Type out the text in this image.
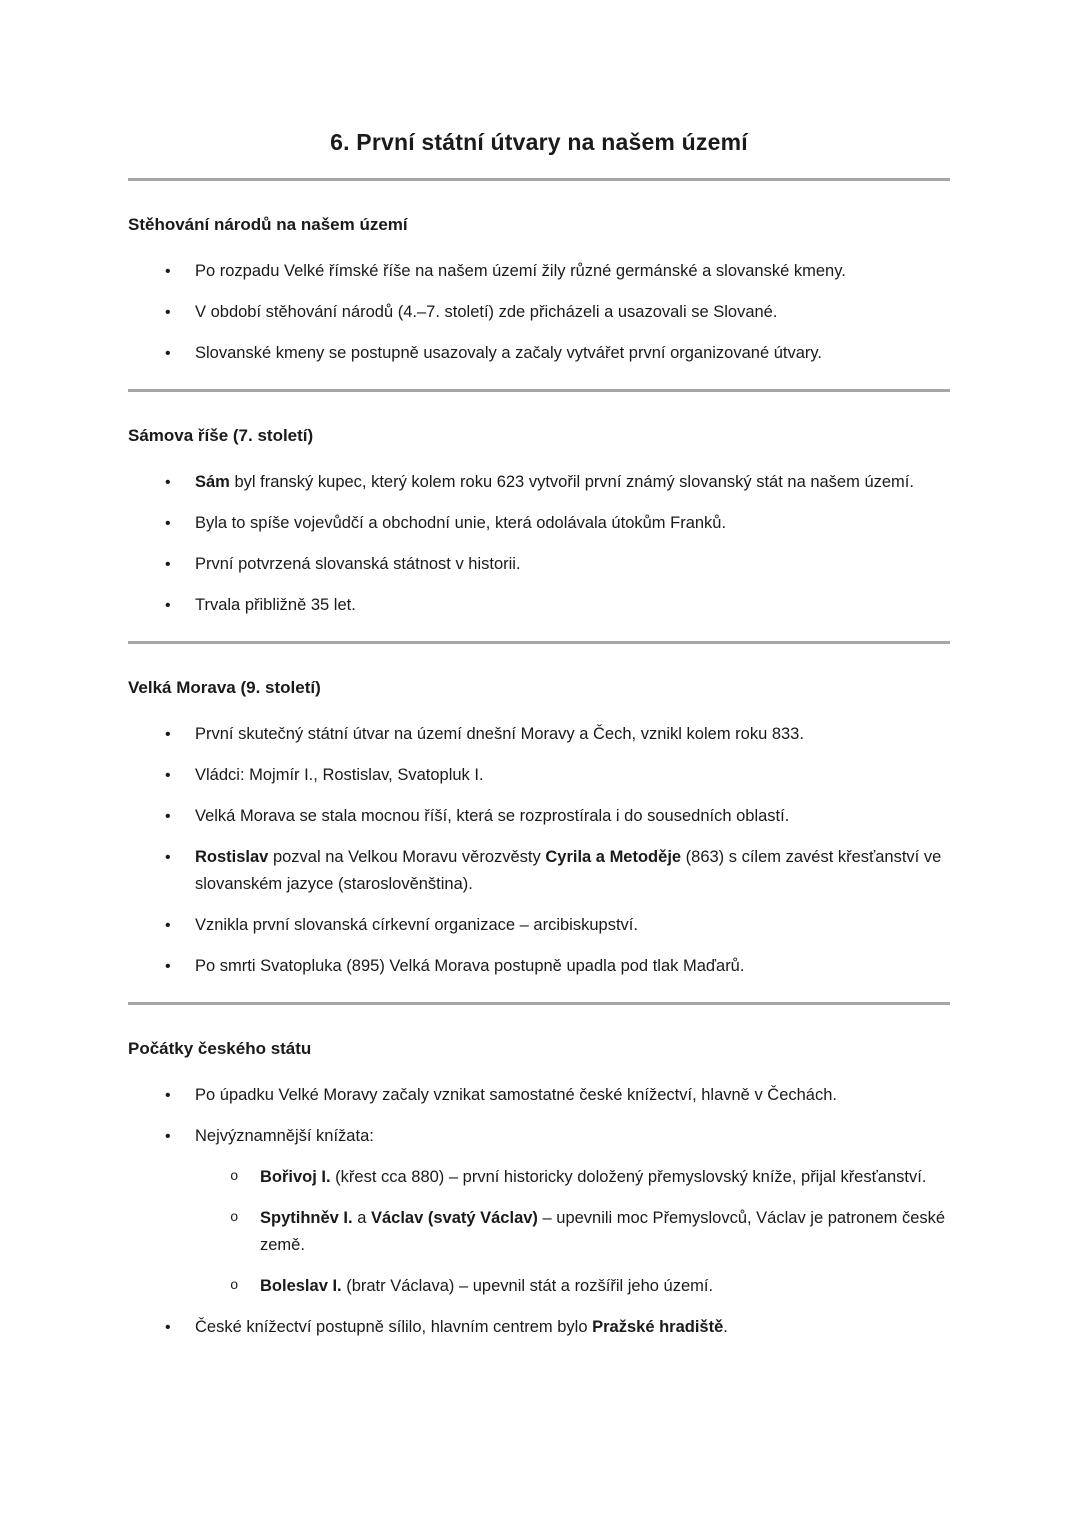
6. První státní útvary na našem území
Stěhování národů na našem území
•	Po rozpadu Velké římské říše na našem území žily různé germánské a slovanské kmeny.
•	V období stěhování národů (4.–7. století) zde přicházeli a usazovali se Slované.
•	Slovanské kmeny se postupně usazovaly a začaly vytvářet první organizované útvary.
Sámova říše (7. století)
•	Sám byl franský kupec, který kolem roku 623 vytvořil první známý slovanský stát na našem území.
•	Byla to spíše vojevůdčí a obchodní unie, která odolávala útokům Franků.
•	První potvrzená slovanská státnost v historii.
•	Trvala přibližně 35 let.
Velká Morava (9. století)
•	První skutečný státní útvar na území dnešní Moravy a Čech, vznikl kolem roku 833.
•	Vládci: Mojmír I., Rostislav, Svatopluk I.
•	Velká Morava se stala mocnou říší, která se rozprostírala i do sousedních oblastí.
•	Rostislav pozval na Velkou Moravu věrozvěsty Cyrila a Metoděje (863) s cílem zavést křesťanství ve slovanském jazyce (staroslověnština).
•	Vznikla první slovanská církevní organizace – arcibiskupství.
•	Po smrti Svatopluka (895) Velká Morava postupně upadla pod tlak Maďarů.
Počátky českého státu
•	Po úpadku Velké Moravy začaly vznikat samostatné české knížectví, hlavně v Čechách.
•	Nejvýznamnější knížata:
o	Bořivoj I. (křest cca 880) – první historicky doložený přemyslovský kníže, přijal křesťanství.
o	Spytihněv I. a Václav (svatý Václav) – upevnili moc Přemyslovců, Václav je patronem české země.
o	Boleslav I. (bratr Václava) – upevnil stát a rozšířil jeho území.
•	České knížectví postupně sílilo, hlavním centrem bylo Pražské hradiště.
